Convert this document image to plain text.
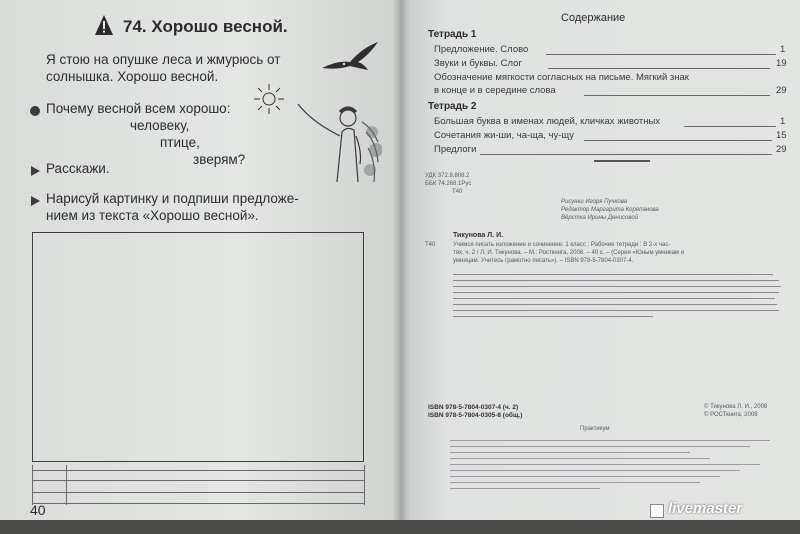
74. Хорошо весной.
Я стою на опушке леса и жмурюсь от
солнышка. Хорошо весной.
Почему весной всем хорошо:
человеку,
птице,
зверям?
Расскажи.
Нарисуй картинку и подпиши предложе-
нием из текста «Хорошо весной».
40
Содержание
Тетрадь 1
Предложение. Слово	1
Звуки и буквы. Слог	19
Обозначение мягкости согласных на письме. Мягкий знак
в конце и в середине слова	29
Тетрадь 2
Большая буква в именах людей, кличках животных	1
Сочетания жи-ши, ча-ща, чу-щу	15
Предлоги	29
УДК 372.8.808.2
ББК 74.268.1Рус
Т40
Рисунки Игоря Пучкова
Редактор Маргарита Корепанова
Вёрстка Ирины Денисовой
Тикунова Л. И.
Т40	Учимся писать изложение и сочинение. 1 класс : Рабочие тетради : В 2-х час-
тях, ч. 2 / Л. И. Тикунова. – М.: Росткнига, 2008. – 40 с. – (Серия «Юным умникам и
умницам. Учитесь грамотно писать»). – ISBN 978-5-7804-0307-4.
ISBN 978-5-7804-0307-4 (ч. 2)
ISBN 978-5-7804-0305-8 (общ.)
© Тикунова Л. И., 2008
© РОСТкнига, 2008
Практикум
livemaster
